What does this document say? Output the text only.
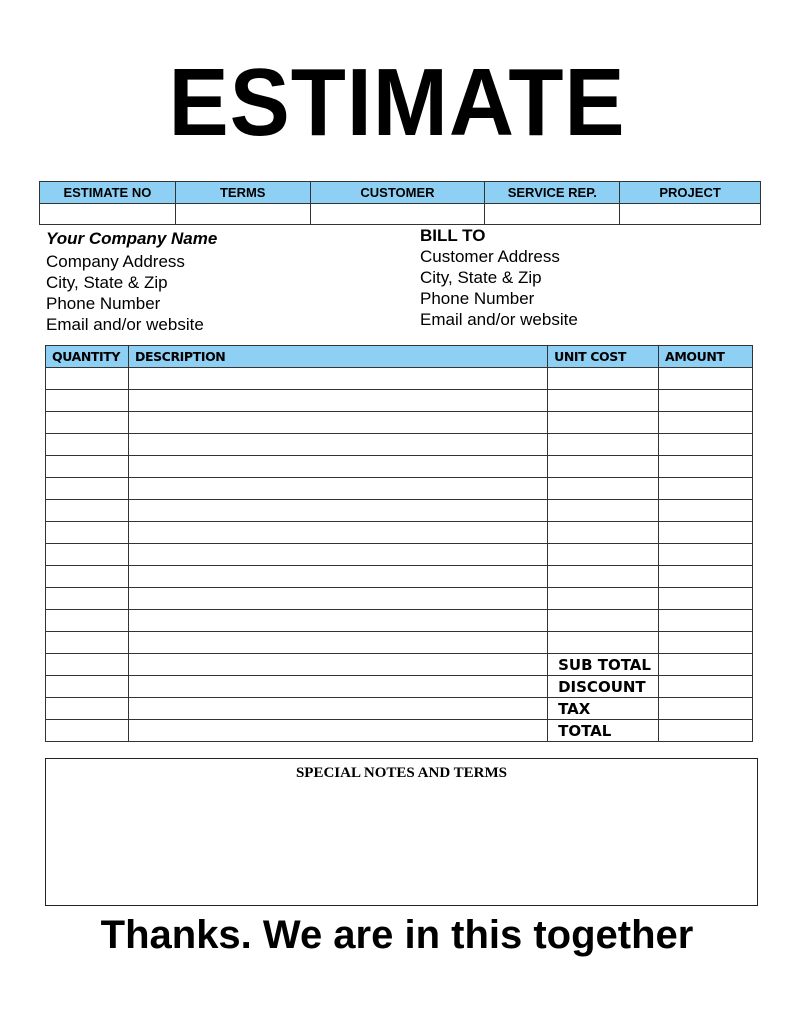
ESTIMATE
ESTIMATE NO	TERMS	CUSTOMER	SERVICE REP.	PROJECT

Your Company Name
Company Address
City, State & Zip
Phone Number
Email and/or website
BILL TO
Customer Address
City, State & Zip
Phone Number
Email and/or website
QUANTITY	DESCRIPTION	UNIT COST	AMOUNT

		SUB TOTAL	
		DISCOUNT	
		TAX	
		TOTAL	
SPECIAL NOTES AND TERMS
Thanks. We are in this together
